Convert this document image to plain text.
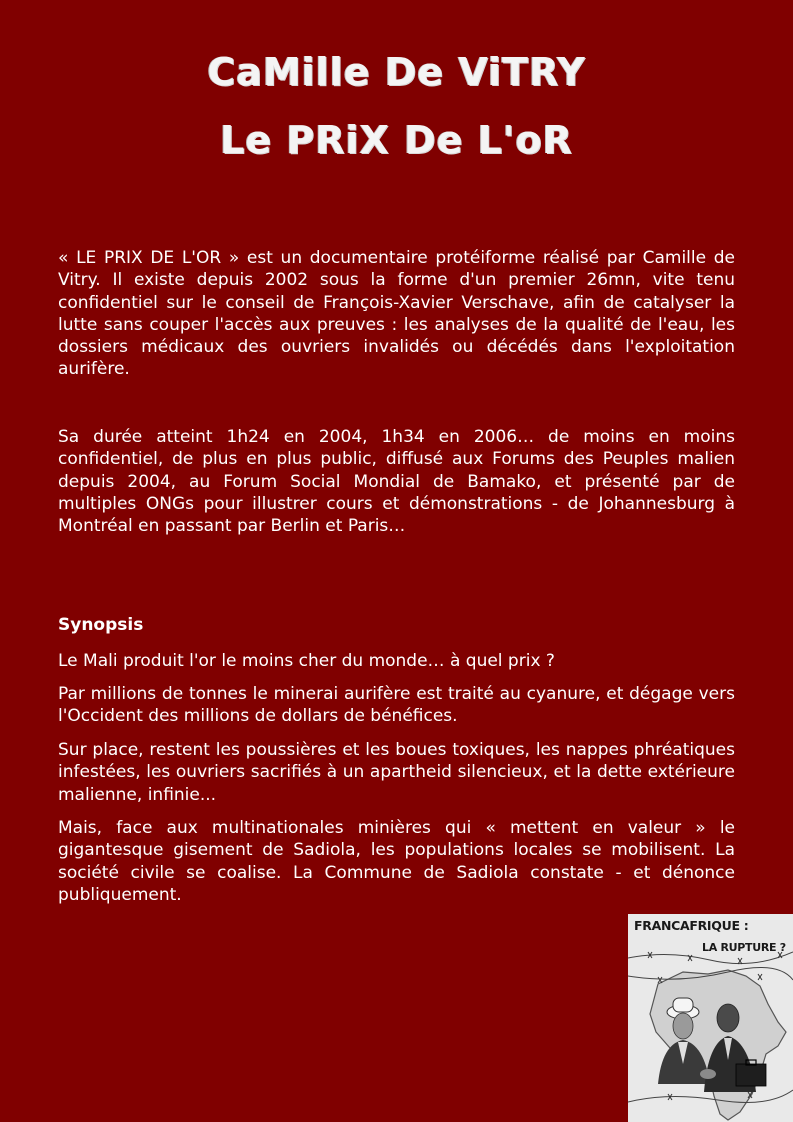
CaMille De ViTRY
Le PRiX De L'oR

« LE PRIX DE L'OR » est un documentaire protéiforme réalisé par Camille de Vitry. Il existe depuis 2002 sous la forme d'un premier 26mn, vite tenu confidentiel sur le conseil de François-Xavier Verschave, afin de catalyser la lutte sans couper l'accès aux preuves : les analyses de la qualité de l'eau, les dossiers médicaux des ouvriers invalidés ou décédés dans l'exploitation aurifère.

Sa durée atteint 1h24 en 2004, 1h34 en 2006… de moins en moins confidentiel, de plus en plus public, diffusé aux Forums des Peuples malien depuis 2004, au Forum Social Mondial de Bamako, et présenté par de multiples ONGs pour illustrer cours et démonstrations - de Johannesburg à Montréal en passant par Berlin et Paris…

Synopsis
Le Mali produit l'or le moins cher du monde… à quel prix ?
Par millions de tonnes le minerai aurifère est traité au cyanure, et dégage vers l'Occident des millions de dollars de bénéfices.
Sur place, restent les poussières et les boues toxiques, les nappes phréatiques infestées, les ouvriers sacrifiés à un apartheid silencieux, et la dette extérieure malienne, infinie...
Mais, face aux multinationales minières qui « mettent en valeur » le gigantesque gisement de Sadiola, les populations locales se mobilisent. La société civile se coalise. La Commune de Sadiola constate - et dénonce publiquement.
FRANCAFRIQUE :
LA RUPTURE ?
